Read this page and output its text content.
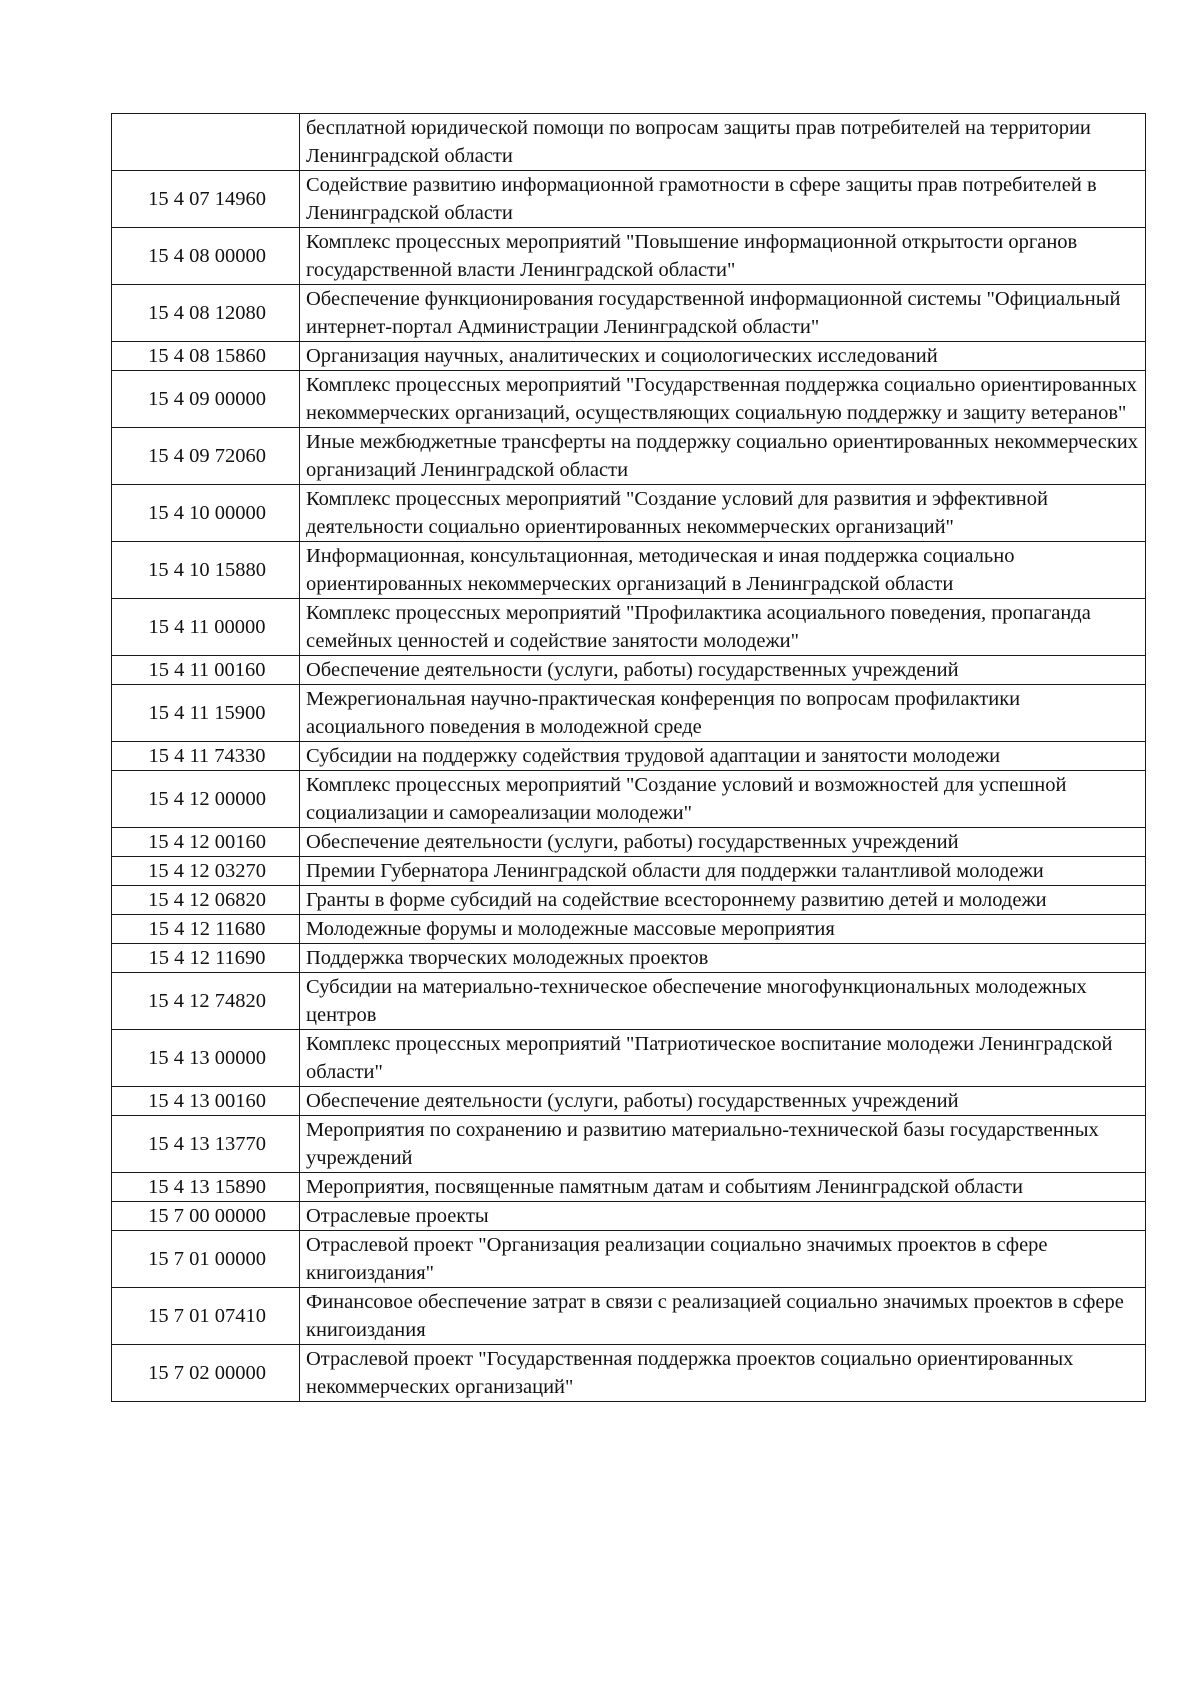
	бесплатной юридической помощи по вопросам защиты прав потребителей на территории Ленинградской области
15 4 07 14960	Содействие развитию информационной грамотности в сфере защиты прав потребителей в Ленинградской области
15 4 08 00000	Комплекс процессных мероприятий "Повышение информационной открытости органов государственной власти Ленинградской области"
15 4 08 12080	Обеспечение функционирования государственной информационной системы "Официальный интернет-портал Администрации Ленинградской области"
15 4 08 15860	Организация научных, аналитических и социологических исследований
15 4 09 00000	Комплекс процессных мероприятий "Государственная поддержка социально ориентированных некоммерческих организаций, осуществляющих социальную поддержку и защиту ветеранов"
15 4 09 72060	Иные межбюджетные трансферты на поддержку социально ориентированных некоммерческих организаций Ленинградской области
15 4 10 00000	Комплекс процессных мероприятий "Создание условий для развития и эффективной деятельности социально ориентированных некоммерческих организаций"
15 4 10 15880	Информационная, консультационная, методическая и иная поддержка социально ориентированных некоммерческих организаций в Ленинградской области
15 4 11 00000	Комплекс процессных мероприятий "Профилактика асоциального поведения, пропаганда семейных ценностей и содействие занятости молодежи"
15 4 11 00160	Обеспечение деятельности (услуги, работы) государственных учреждений
15 4 11 15900	Межрегиональная научно-практическая конференция по вопросам профилактики асоциального поведения в молодежной среде
15 4 11 74330	Субсидии на поддержку содействия трудовой адаптации и занятости молодежи
15 4 12 00000	Комплекс процессных мероприятий "Создание условий и возможностей для успешной социализации и самореализации молодежи"
15 4 12 00160	Обеспечение деятельности (услуги, работы) государственных учреждений
15 4 12 03270	Премии Губернатора Ленинградской области для поддержки талантливой молодежи
15 4 12 06820	Гранты в форме субсидий на содействие всестороннему развитию детей и молодежи
15 4 12 11680	Молодежные форумы и молодежные массовые мероприятия
15 4 12 11690	Поддержка творческих молодежных проектов
15 4 12 74820	Субсидии на материально-техническое обеспечение многофункциональных молодежных центров
15 4 13 00000	Комплекс процессных мероприятий "Патриотическое воспитание молодежи Ленинградской области"
15 4 13 00160	Обеспечение деятельности (услуги, работы) государственных учреждений
15 4 13 13770	Мероприятия по сохранению и развитию материально-технической базы государственных учреждений
15 4 13 15890	Мероприятия, посвященные памятным датам и событиям Ленинградской области
15 7 00 00000	Отраслевые проекты
15 7 01 00000	Отраслевой проект "Организация реализации социально значимых проектов в сфере книгоиздания"
15 7 01 07410	Финансовое обеспечение затрат в связи с реализацией социально значимых проектов в сфере книгоиздания
15 7 02 00000	Отраслевой проект "Государственная поддержка проектов социально ориентированных некоммерческих организаций"
